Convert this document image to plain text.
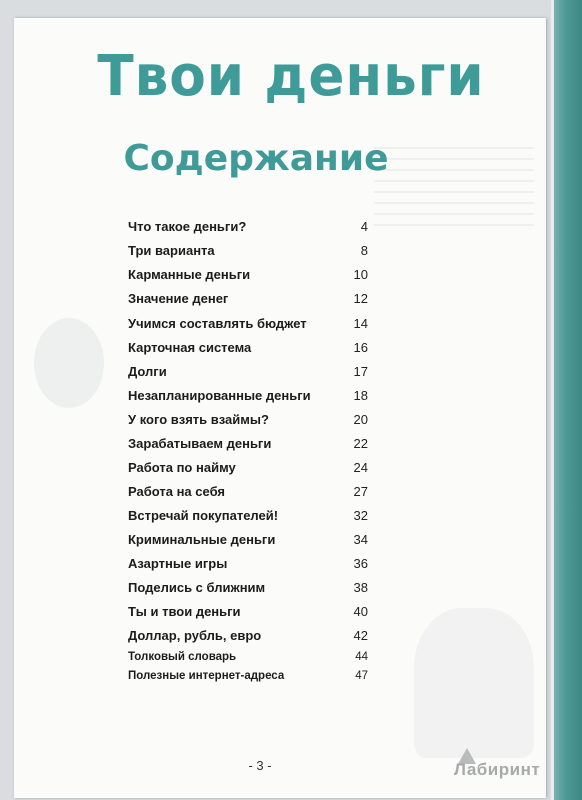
Твои деньги
Содержание
Что такое деньги?	4
Три варианта	8
Карманные деньги	10
Значение денег	12
Учимся составлять бюджет	14
Карточная система	16
Долги	17
Незапланированные деньги	18
У кого взять взаймы?	20
Зарабатываем деньги	22
Работа по найму	24
Работа на себя	27
Встречай покупателей!	32
Криминальные деньги	34
Азартные игры	36
Поделись с ближним	38
Ты и твои деньги	40
Доллар, рубль, евро	42
Толковый словарь	44
Полезные интернет-адреса	47
- 3 -	Лабиринт
